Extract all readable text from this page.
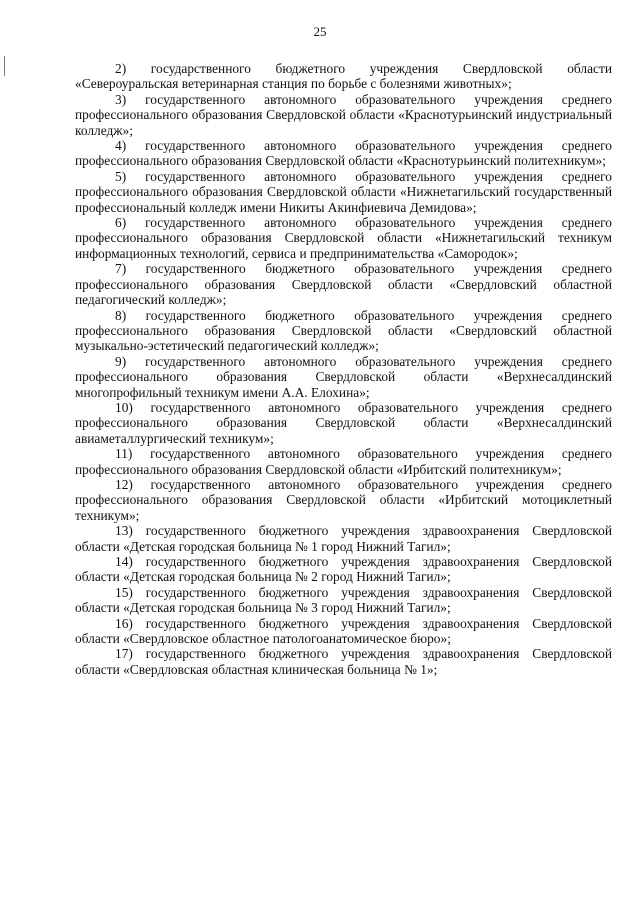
25

2) государственного бюджетного учреждения Свердловской области «Североуральская ветеринарная станция по борьбе с болезнями животных»;

3) государственного автономного образовательного учреждения среднего профессионального образования Свердловской области «Краснотурьинский индустриальный колледж»;

4) государственного автономного образовательного учреждения среднего профессионального образования Свердловской области «Краснотурьинский политехникум»;

5) государственного автономного образовательного учреждения среднего профессионального образования Свердловской области «Нижнетагильский государственный профессиональный колледж имени Никиты Акинфиевича Демидова»;

6) государственного автономного образовательного учреждения среднего профессионального образования Свердловской области «Нижнетагильский техникум информационных технологий, сервиса и предпринимательства «Самородок»;

7) государственного бюджетного образовательного учреждения среднего профессионального образования Свердловской области «Свердловский областной педагогический колледж»;

8) государственного бюджетного образовательного учреждения среднего профессионального образования Свердловской области «Свердловский областной музыкально-эстетический педагогический колледж»;

9) государственного автономного образовательного учреждения среднего профессионального образования Свердловской области «Верхнесалдинский многопрофильный техникум имени А.А. Елохина»;

10) государственного автономного образовательного учреждения среднего профессионального образования Свердловской области «Верхнесалдинский авиаметаллургический техникум»;

11) государственного автономного образовательного учреждения среднего профессионального образования Свердловской области «Ирбитский политехникум»;

12) государственного автономного образовательного учреждения среднего профессионального образования Свердловской области «Ирбитский мотоциклетный техникум»;

13) государственного бюджетного учреждения здравоохранения Свердловской области «Детская городская больница № 1 город Нижний Тагил»;

14) государственного бюджетного учреждения здравоохранения Свердловской области «Детская городская больница № 2 город Нижний Тагил»;

15) государственного бюджетного учреждения здравоохранения Свердловской области «Детская городская больница № 3 город Нижний Тагил»;

16) государственного бюджетного учреждения здравоохранения Свердловской области «Свердловское областное патологоанатомическое бюро»;

17) государственного бюджетного учреждения здравоохранения Свердловской области «Свердловская областная клиническая больница № 1»;
